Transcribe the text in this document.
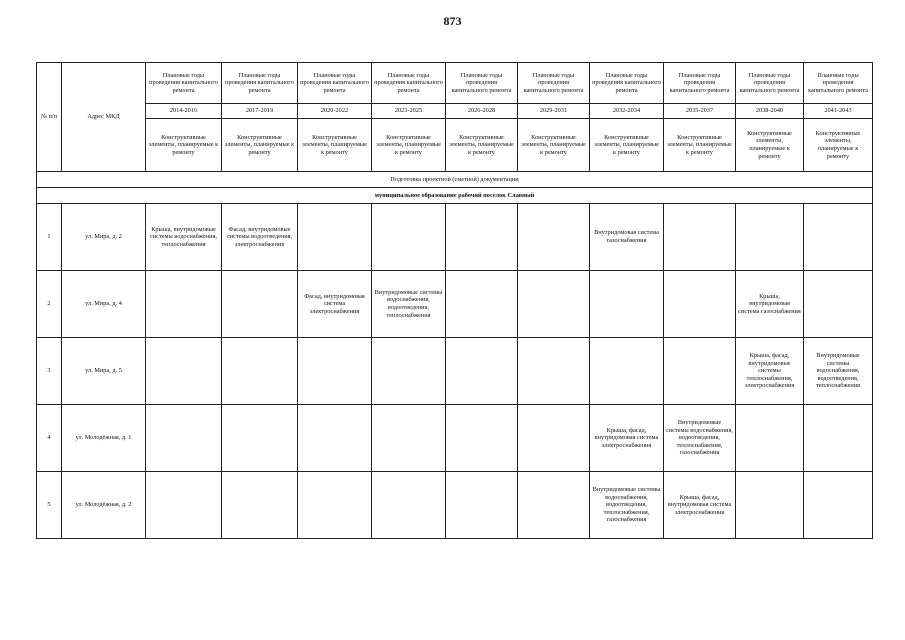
873
№ п/п	Адрес МКД	Плановые годы проведения капитального ремонта	Плановые годы проведения капитального ремонта	Плановые годы проведения капитального ремонта	Плановые годы проведения капитального ремонта	Плановые годы проведения капитального ремонта	Плановые годы проведения капитального ремонта	Плановые годы проведения капитального ремонта	Плановые годы проведения капитального ремонта	Плановые годы проведения капитального ремонта	Плановые годы проведения капитального ремонта
		2014-2016	2017-2019	2020-2022	2023-2025	2026-2028	2029-2031	2032-2034	2035-2037	2038-2040	2041-2043
		Конструктивные элементы, планируемые к ремонту	Конструктивные элементы, планируемые к ремонту	Конструктивные элементы, планируемые к ремонту	Конструктивные элементы, планируемые к ремонту	Конструктивные элементы, планируемые к ремонту	Конструктивные элементы, планируемые к ремонту	Конструктивные элементы, планируемые к ремонту	Конструктивные элементы, планируемые к ремонту	Конструктивные элементы, планируемые к ремонту	Конструктивные элементы, планируемые к ремонту
Подготовка проектной (сметной) документации											
муниципальное образование рабочий поселок Славный											
1	ул. Мира, д. 2	Крыша, внутридомовые системы водоснабжения, теплоснабжения	Фасад, внутридомовые системы водоотведения, электроснабжения					Внутридомовая система газоснабжения			
2	ул. Мира, д. 4			Фасад, внутридомовая система электроснабжения	Внутридомовые системы водоснабжения, водоотведения, теплоснабжения					Крыша, внутридомовая система газоснабжения	
3	ул. Мира, д. 5									Крыша, фасад, внутридомовые системы теплоснабжения, электроснабжения	Внутридомовые системы водоснабжения, водоотведения, теплоснабжения
4	ул. Молодёжная, д. 1							Крыша, фасад, внутридомовая система электроснабжения	Внутридомовые системы водоснабжения, водоотведения, теплоснабжения, газоснабжения		
5	ул. Молодёжная, д. 2							Внутридомовые системы водоснабжения, водоотведения, теплоснабжения, газоснабжения	Крыша, фасад, внутридомовая система электроснабжения		
